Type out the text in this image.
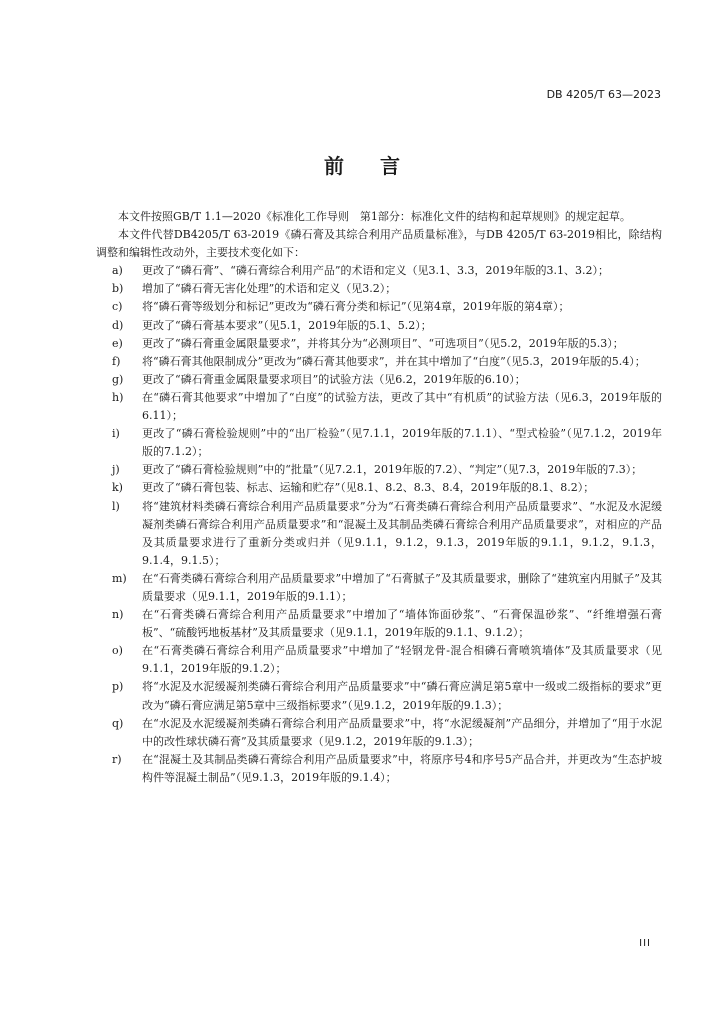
DB 4205/T 63—2023
前言

本文件按照GB/T 1.1—2020《标准化工作导则　第1部分：标准化文件的结构和起草规则》的规定起草。

本文件代替DB4205/T 63-2019《磷石膏及其综合利用产品质量标准》，与DB 4205/T 63-2019相比，除结构调整和编辑性改动外，主要技术变化如下：

a)	更改了“磷石膏”、“磷石膏综合利用产品”的术语和定义（见3.1、3.3，2019年版的3.1、3.2）；
b)	增加了“磷石膏无害化处理”的术语和定义（见3.2）；
c)	将“磷石膏等级划分和标记”更改为“磷石膏分类和标记”（见第4章，2019年版的第4章）；
d)	更改了“磷石膏基本要求”（见5.1，2019年版的5.1、5.2）；
e)	更改了“磷石膏重金属限量要求”，并将其分为“必测项目”、“可选项目”（见5.2，2019年版的5.3）；
f)	将“磷石膏其他限制成分”更改为“磷石膏其他要求”，并在其中增加了“白度”（见5.3，2019年版的5.4）；
g)	更改了“磷石膏重金属限量要求项目”的试验方法（见6.2，2019年版的6.10）；
h)	在“磷石膏其他要求”中增加了“白度”的试验方法，更改了其中“有机质”的试验方法（见6.3，2019年版的6.11）；
i)	更改了“磷石膏检验规则”中的“出厂检验”（见7.1.1，2019年版的7.1.1）、“型式检验”（见7.1.2，2019年版的7.1.2）；
j)	更改了“磷石膏检验规则”中的“批量”（见7.2.1，2019年版的7.2）、“判定”（见7.3，2019年版的7.3）；
k)	更改了“磷石膏包装、标志、运输和贮存”（见8.1、8.2、8.3、8.4，2019年版的8.1、8.2）；
l)	将“建筑材料类磷石膏综合利用产品质量要求”分为“石膏类磷石膏综合利用产品质量要求”、“水泥及水泥缓凝剂类磷石膏综合利用产品质量要求”和“混凝土及其制品类磷石膏综合利用产品质量要求”，对相应的产品及其质量要求进行了重新分类或归并（见9.1.1，9.1.2，9.1.3，2019年版的9.1.1，9.1.2，9.1.3，9.1.4，9.1.5）；
m)	在“石膏类磷石膏综合利用产品质量要求”中增加了“石膏腻子”及其质量要求，删除了“建筑室内用腻子”及其质量要求（见9.1.1，2019年版的9.1.1）；
n)	在“石膏类磷石膏综合利用产品质量要求”中增加了“墙体饰面砂浆”、“石膏保温砂浆”、“纤维增强石膏板”、“硫酸钙地板基材”及其质量要求（见9.1.1，2019年版的9.1.1、9.1.2）；
o)	在“石膏类磷石膏综合利用产品质量要求”中增加了“轻钢龙骨-混合相磷石膏喷筑墙体”及其质量要求（见9.1.1，2019年版的9.1.2）；
p)	将“水泥及水泥缓凝剂类磷石膏综合利用产品质量要求”中“磷石膏应满足第5章中一级或二级指标的要求”更改为“磷石膏应满足第5章中三级指标要求”（见9.1.2，2019年版的9.1.3）；
q)	在“水泥及水泥缓凝剂类磷石膏综合利用产品质量要求”中，将“水泥缓凝剂”产品细分，并增加了“用于水泥中的改性球状磷石膏”及其质量要求（见9.1.2，2019年版的9.1.3）；
r)	在“混凝土及其制品类磷石膏综合利用产品质量要求”中，将原序号4和序号5产品合并，并更改为“生态护坡构件等混凝土制品”（见9.1.3，2019年版的9.1.4）；
III
